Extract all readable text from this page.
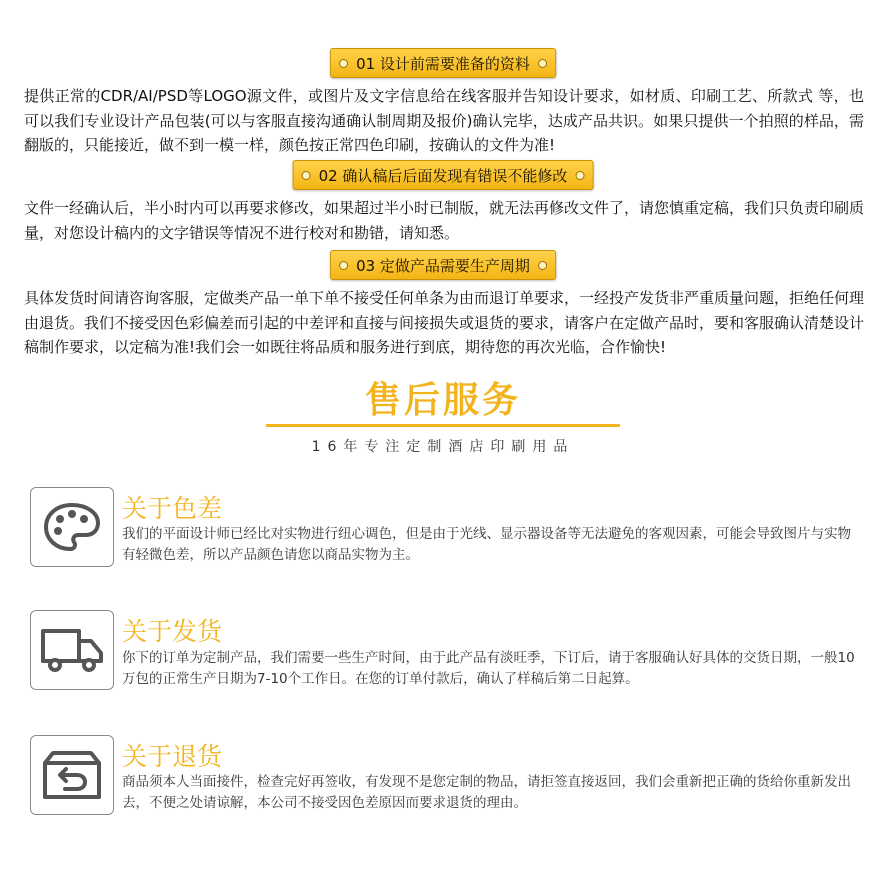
01 设计前需要准备的资料

提供正常的CDR/AI/PSD等LOGO源文件，或图片及文字信息给在线客服并告知设计要求，如材质、印刷工艺、所款式 等，也可以我们专业设计产品包装(可以与客服直接沟通确认制周期及报价)确认完毕，达成产品共识。如果只提供一个拍照的样品，需翻版的，只能接近，做不到一模一样，颜色按正常四色印刷，按确认的文件为准!

02 确认稿后后面发现有错误不能修改

文件一经确认后，半小时内可以再要求修改，如果超过半小时已制版，就无法再修改文件了，请您慎重定稿，我们只负责印刷质量，对您设计稿内的文字错误等情况不进行校对和勘错，请知悉。

03 定做产品需要生产周期

具体发货时间请咨询客服，定做类产品一单下单不接受任何单条为由而退订单要求，一经投产发货非严重质量问题，拒绝任何理由退货。我们不接受因色彩偏差而引起的中差评和直接与间接损失或退货的要求，请客户在定做产品时，要和客服确认清楚设计稿制作要求，以定稿为准!我们会一如既往将品质和服务进行到底，期待您的再次光临，合作愉快!

售后服务
16年专注定制酒店印刷用品
关于色差

我们的平面设计师已经比对实物进行纽心调色，但是由于光线、显示器设备等无法避免的客观因素，可能会导致图片与实物有轻微色差，所以产品颜色请您以商品实物为主。

关于发货

你下的订单为定制产品，我们需要一些生产时间，由于此产品有淡旺季，下订后，请于客服确认好具体的交货日期，一般10万包的正常生产日期为7-10个工作日。在您的订单付款后，确认了样稿后第二日起算。

关于退货

商品须本人当面接件，检查完好再签收，有发现不是您定制的物品，请拒签直接返回，我们会重新把正确的货给你重新发出去，不便之处请谅解，本公司不接受因色差原因而要求退货的理由。
